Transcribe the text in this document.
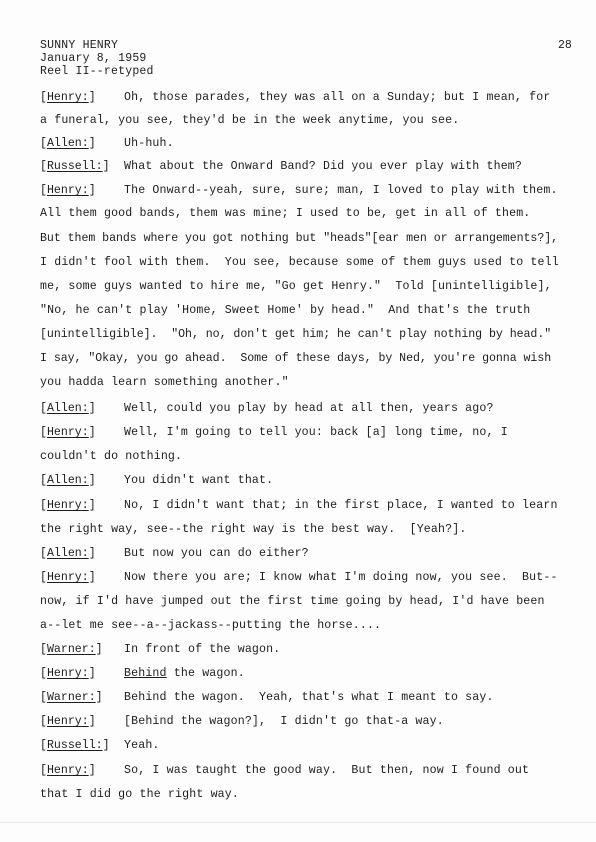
SUNNY HENRY
January 8, 1959
Reel II--retyped
28
[Henry:] Oh, those parades, they was all on a Sunday; but I mean, for
a funeral, you see, they'd be in the week anytime, you see.
[Allen:] Uh-huh.
[Russell:] What about the Onward Band? Did you ever play with them?
[Henry:] The Onward--yeah, sure, sure; man, I loved to play with them.
All them good bands, them was mine; I used to be, get in all of them.
But them bands where you got nothing but "heads"[ear men or arrangements?],
I didn't fool with them.  You see, because some of them guys used to tell
me, some guys wanted to hire me, "Go get Henry."  Told [unintelligible],
"No, he can't play 'Home, Sweet Home' by head."  And that's the truth
[unintelligible].  "Oh, no, don't get him; he can't play nothing by head."
I say, "Okay, you go ahead.  Some of these days, by Ned, you're gonna wish
you hadda learn something another."
[Allen:] Well, could you play by head at all then, years ago?
[Henry:] Well, I'm going to tell you: back [a] long time, no, I
couldn't do nothing.
[Allen:] You didn't want that.
[Henry:] No, I didn't want that; in the first place, I wanted to learn
the right way, see--the right way is the best way.  [Yeah?].
[Allen:] But now you can do either?
[Henry:] Now there you are; I know what I'm doing now, you see.  But--
now, if I'd have jumped out the first time going by head, I'd have been
a--let me see--a--jackass--putting the horse....
[Warner:] In front of the wagon.
[Henry:] Behind the wagon.
[Warner:] Behind the wagon.  Yeah, that's what I meant to say.
[Henry:] [Behind the wagon?],  I didn't go that-a way.
[Russell:] Yeah.
[Henry:] So, I was taught the good way.  But then, now I found out
that I did go the right way.
